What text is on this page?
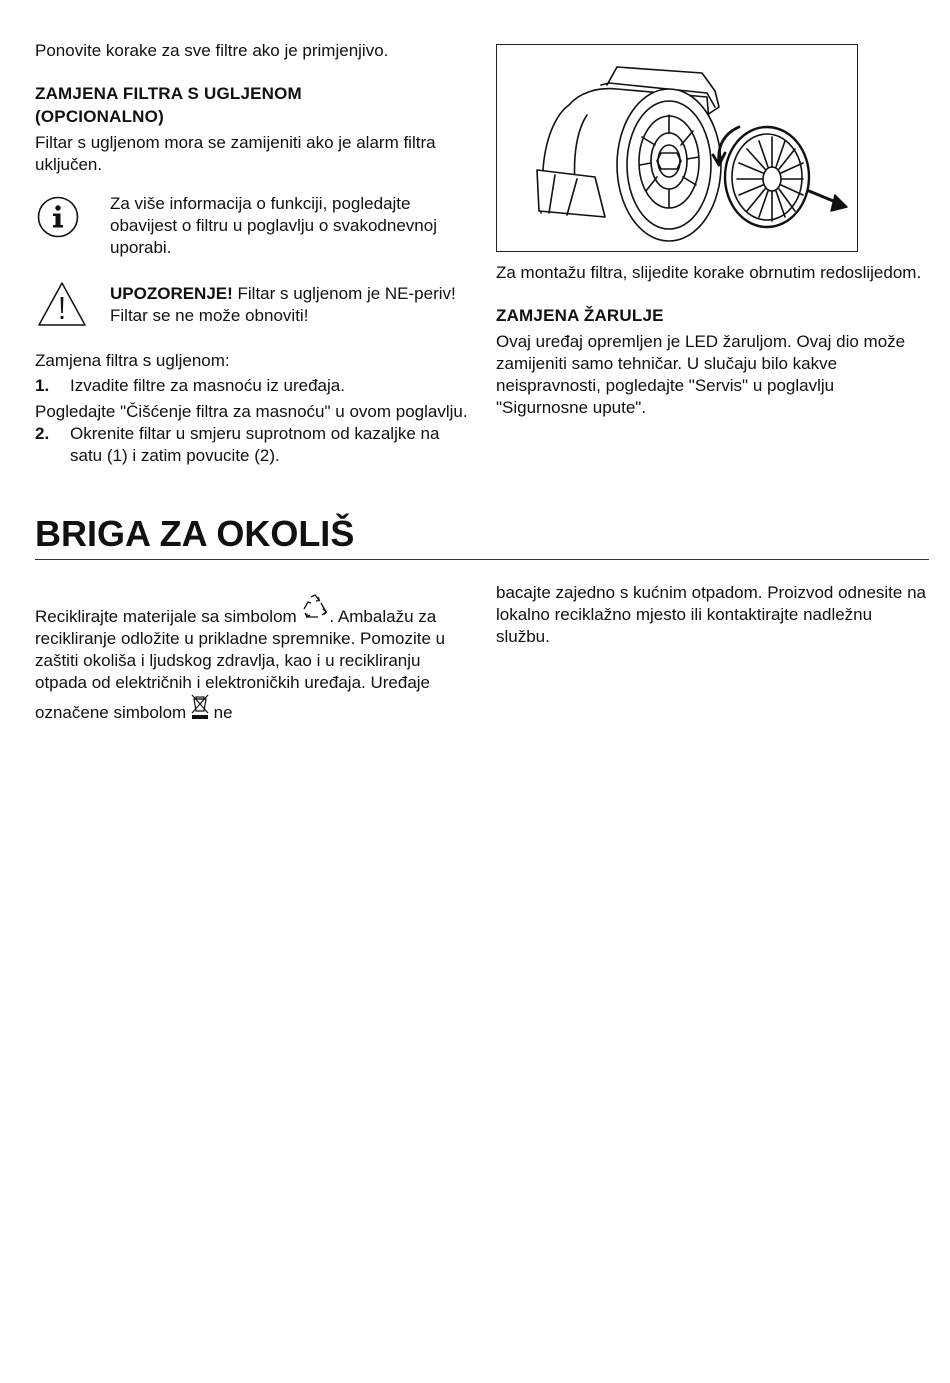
Ponovite korake za sve filtre ako je primjenjivo.

ZAMJENA FILTRA S UGLJENOM
(OPCIONALNO)

Filtar s ugljenom mora se zamijeniti ako je alarm filtra uključen.

Za više informacija o funkciji, pogledajte obavijest o filtru u poglavlju o svakodnevnoj uporabi.

UPOZORENJE! Filtar s ugljenom je NE-periv! Filtar se ne može obnoviti!

Zamjena filtra s ugljenom:

1. Izvadite filtre za masnoću iz uređaja.

Pogledajte "Čišćenje filtra za masnoću" u ovom poglavlju.

2. Okrenite filtar u smjeru suprotnom od kazaljke na satu (1) i zatim povucite (2).

Za montažu filtra, slijedite korake obrnutim redoslijedom.

ZAMJENA ŽARULJE

Ovaj uređaj opremljen je LED žaruljom. Ovaj dio može zamijeniti samo tehničar. U slučaju bilo kakve neispravnosti, pogledajte "Servis" u poglavlju "Sigurnosne upute".

BRIGA ZA OKOLIŠ

Reciklirajte materijale sa simbolom . Ambalažu za recikliranje odložite u prikladne spremnike. Pomozite u zaštiti okoliša i ljudskog zdravlja, kao i u recikliranju otpada od električnih i elektroničkih uređaja. Uređaje označene simbolom  ne

bacajte zajedno s kućnim otpadom. Proizvod odnesite na lokalno reciklažno mjesto ili kontaktirajte nadležnu službu.
